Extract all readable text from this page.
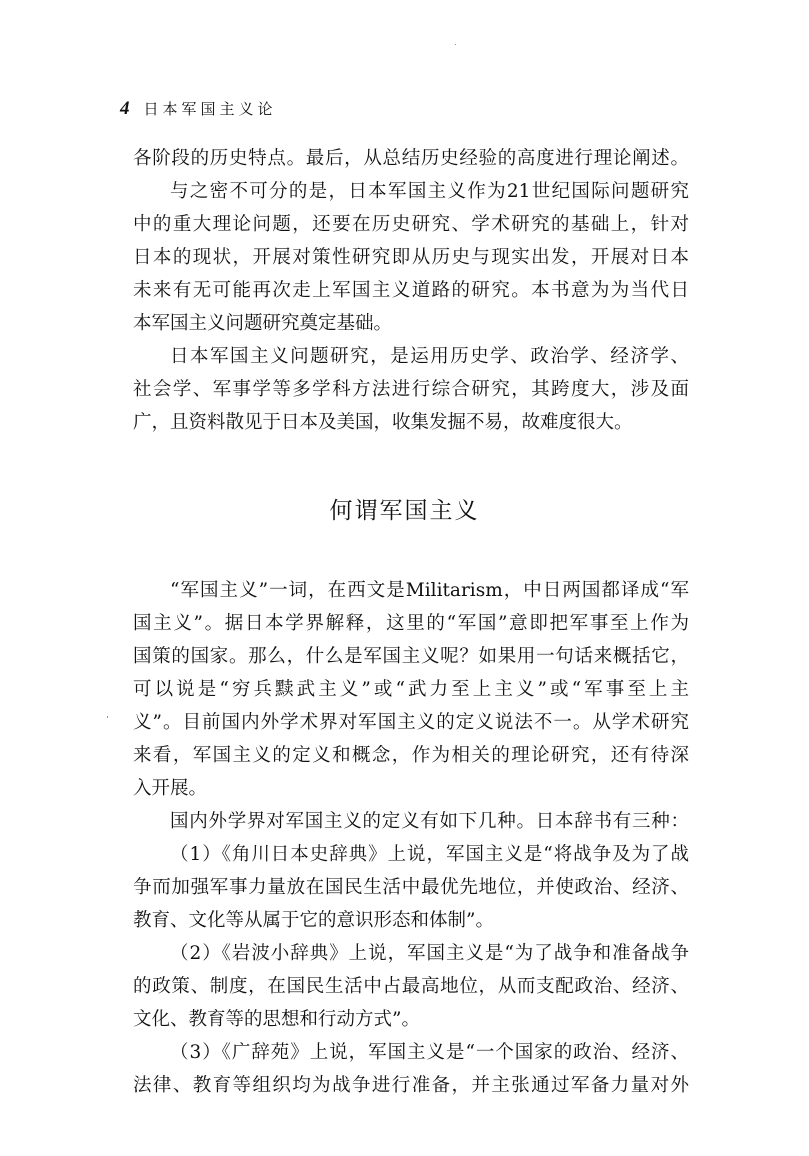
4 日本军国主义论
各阶段的历史特点。最后，从总结历史经验的高度进行理论阐述。
与之密不可分的是，日本军国主义作为21世纪国际问题研究
中的重大理论问题，还要在历史研究、学术研究的基础上，针对
日本的现状，开展对策性研究即从历史与现实出发，开展对日本
未来有无可能再次走上军国主义道路的研究。本书意为为当代日
本军国主义问题研究奠定基础。
日本军国主义问题研究，是运用历史学、政治学、经济学、
社会学、军事学等多学科方法进行综合研究，其跨度大，涉及面
广，且资料散见于日本及美国，收集发掘不易，故难度很大。
何谓军国主义
“军国主义”一词，在西文是Militarism，中日两国都译成“军
国主义”。据日本学界解释，这里的“军国”意即把军事至上作为
国策的国家。那么，什么是军国主义呢？如果用一句话来概括它，
可以说是“穷兵黩武主义”或“武力至上主义”或“军事至上主
义”。目前国内外学术界对军国主义的定义说法不一。从学术研究
来看，军国主义的定义和概念，作为相关的理论研究，还有待深
入开展。
国内外学界对军国主义的定义有如下几种。日本辞书有三种：
（1）《角川日本史辞典》上说，军国主义是“将战争及为了战
争而加强军事力量放在国民生活中最优先地位，并使政治、经济、
教育、文化等从属于它的意识形态和体制”。
（2）《岩波小辞典》上说，军国主义是“为了战争和准备战争
的政策、制度，在国民生活中占最高地位，从而支配政治、经济、
文化、教育等的思想和行动方式”。
（3）《广辞苑》上说，军国主义是“一个国家的政治、经济、
法律、教育等组织均为战争进行准备，并主张通过军备力量对外
